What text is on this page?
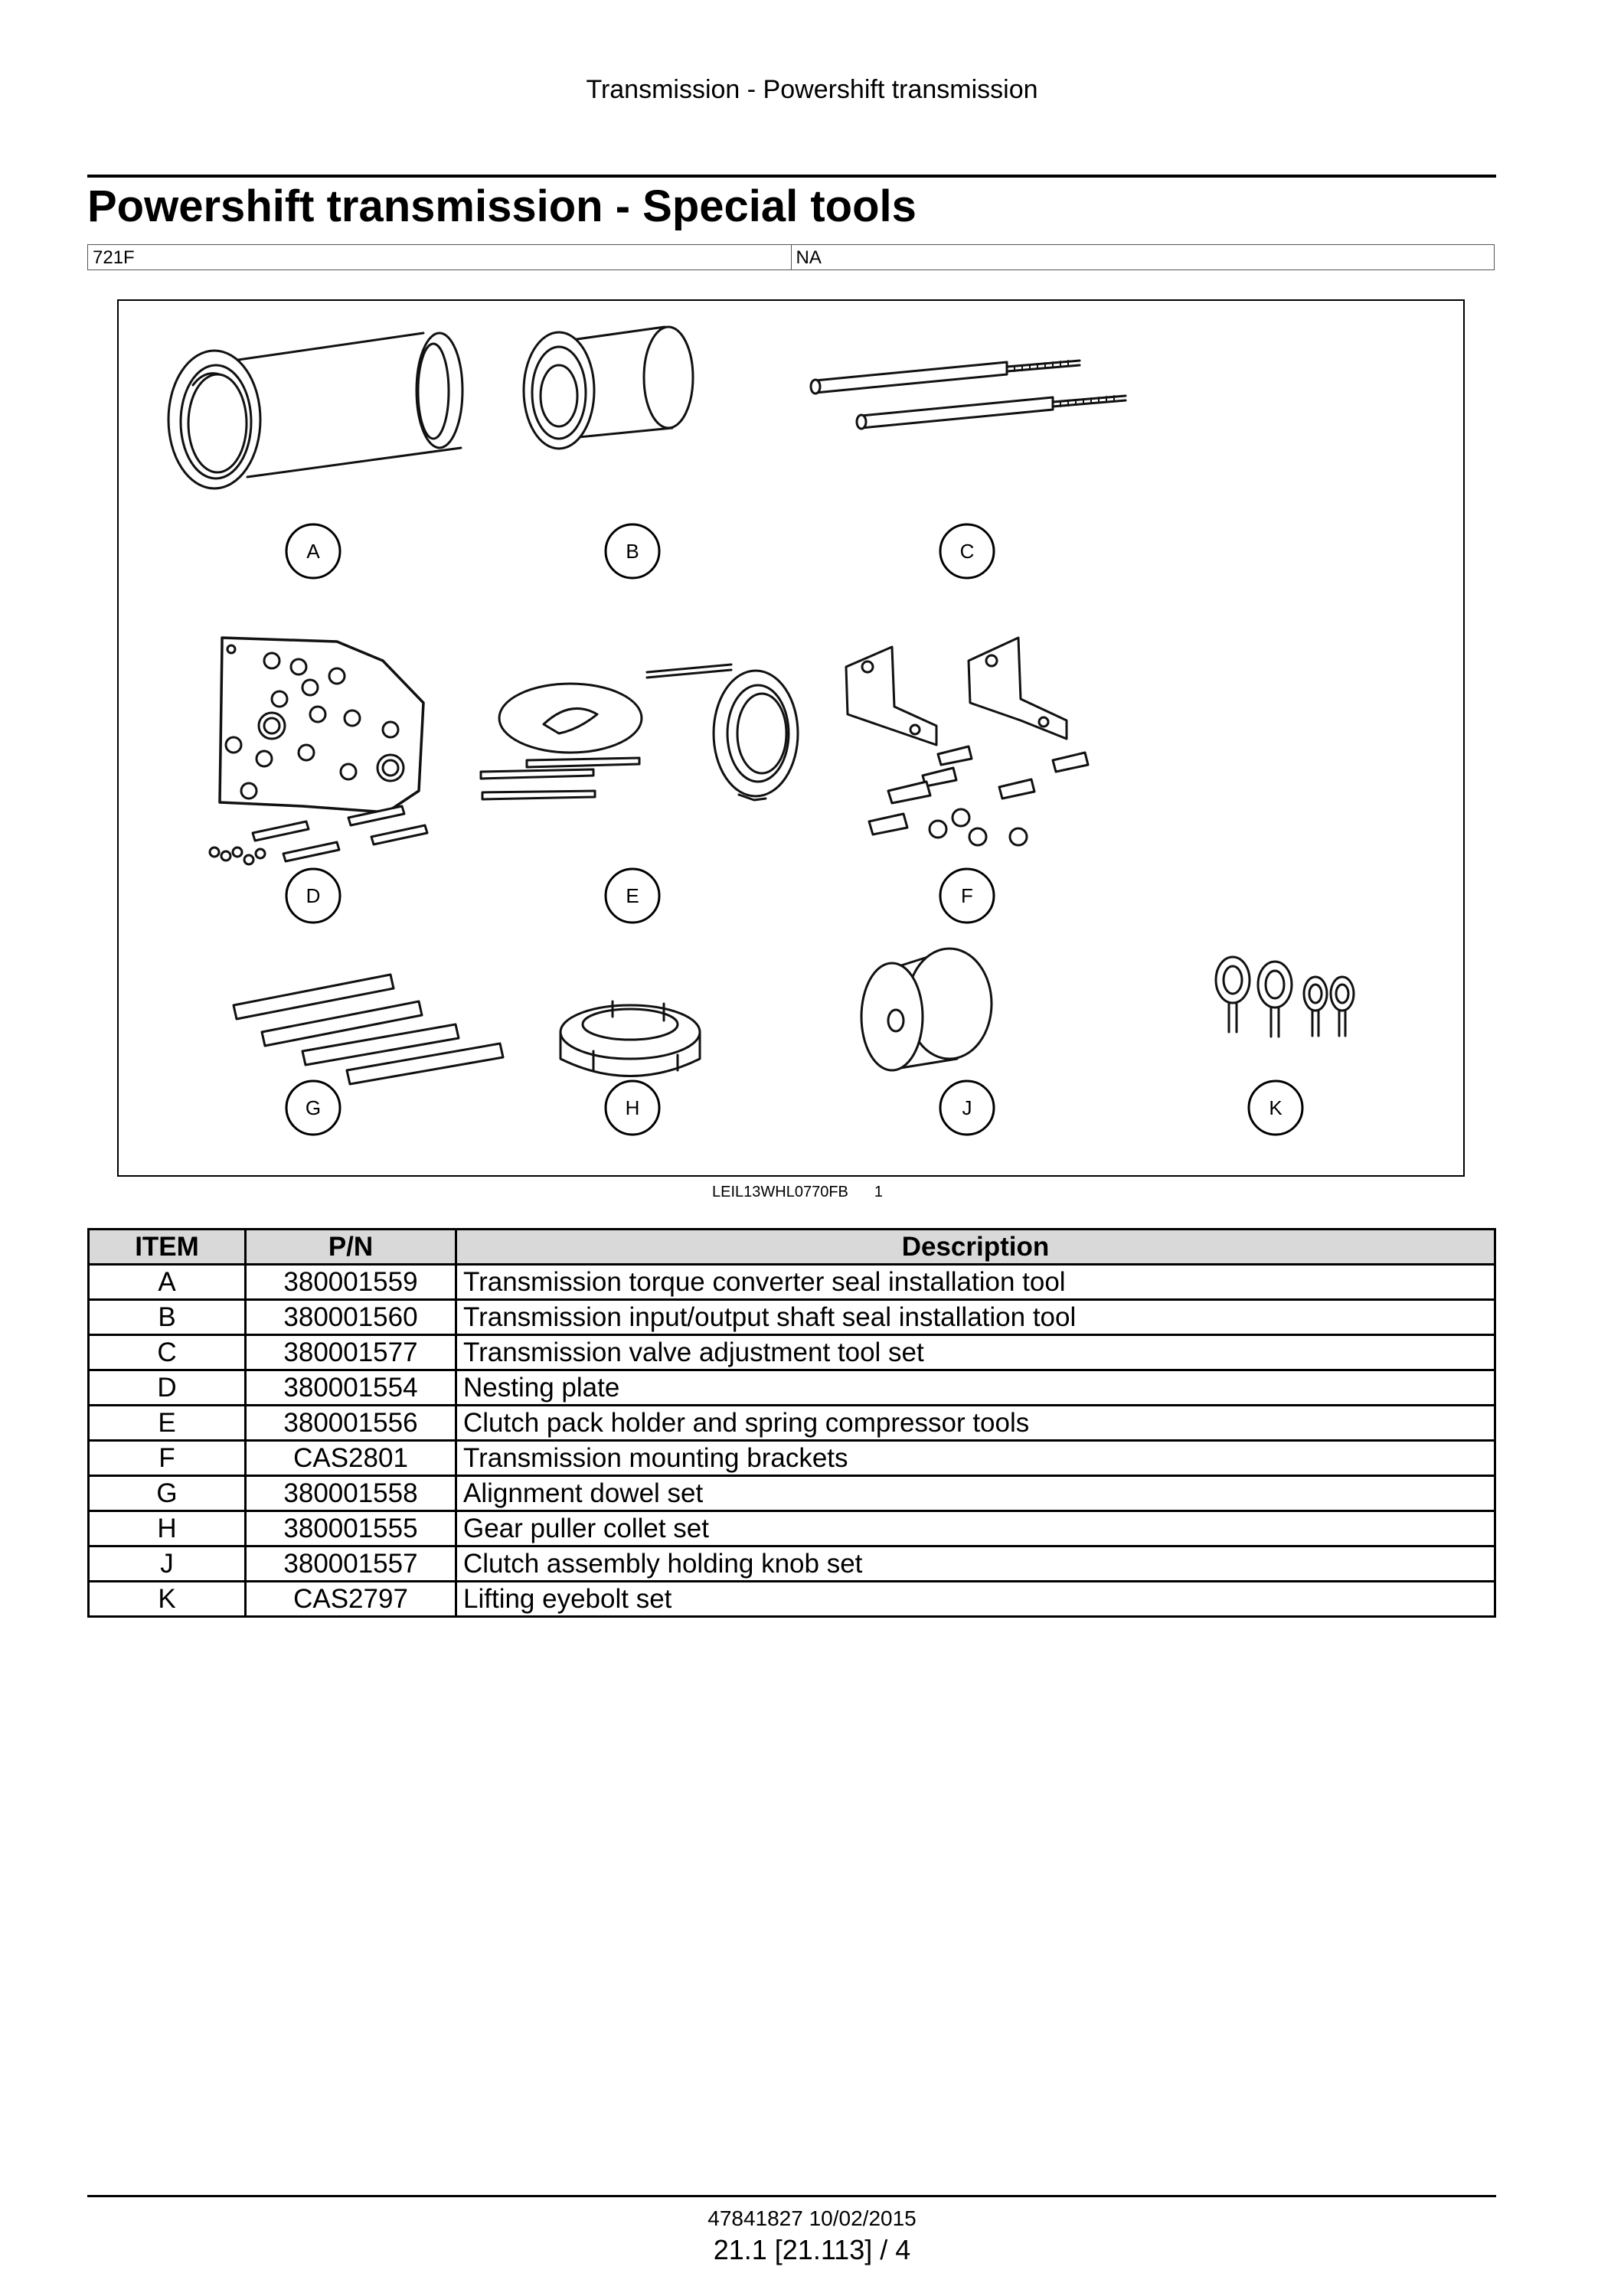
Transmission - Powershift transmission
Powershift transmission - Special tools
721F	NA
A	B	C
D	E	F
G	H	J	K
LEIL13WHL0770FB 1
ITEM	P/N	Description
A	380001559	Transmission torque converter seal installation tool
B	380001560	Transmission input/output shaft seal installation tool
C	380001577	Transmission valve adjustment tool set
D	380001554	Nesting plate
E	380001556	Clutch pack holder and spring compressor tools
F	CAS2801	Transmission mounting brackets
G	380001558	Alignment dowel set
H	380001555	Gear puller collet set
J	380001557	Clutch assembly holding knob set
K	CAS2797	Lifting eyebolt set
47841827 10/02/2015
21.1 [21.113] / 4
